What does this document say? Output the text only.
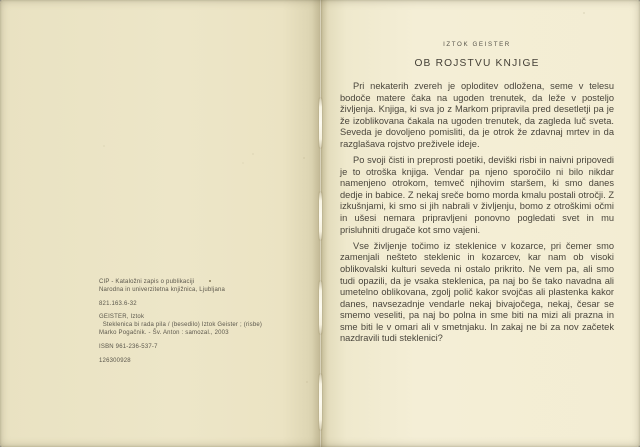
CIP - Kataložni zapis o publikaciji
Narodna in univerzitetna knjižnica, Ljubljana
821.163.6-32
GEISTER, Iztok
Steklenica bi rada pila / (besedilo) Iztok Geister ; (risbe)
Marko Pogačnik. - Šv. Anton : samozal., 2003
ISBN 961-236-537-7
126300928
IZTOK GEISTER
OB ROJSTVU KNJIGE

Pri nekaterih zvereh je oploditev odložena, seme v telesu bodoče matere čaka na ugoden trenutek, da leže v posteljo življenja. Knjiga, ki sva jo z Markom pripravila pred desetletji pa je že izoblikovana čakala na ugoden trenutek, da zagleda luč sveta. Seveda je dovoljeno pomisliti, da je otrok že zdavnaj mrtev in da razglašava rojstvo preživele ideje.

Po svoji čisti in preprosti poetiki, deviški risbi in naivni pripovedi je to otroška knjiga. Vendar pa njeno sporočilo ni bilo nikdar namenjeno otrokom, temveč njihovim staršem, ki smo danes dedje in babice. Z nekaj sreče bomo morda kmalu postali otročji. Z izkušnjami, ki smo si jih nabrali v življenju, bomo z otroškimi očmi in ušesi nemara pripravljeni ponovno pogledati svet in mu prisluhniti drugače kot smo vajeni.

Vse življenje točimo iz steklenice v kozarce, pri čemer smo zamenjali nešteto steklenic in kozarcev, kar nam ob visoki oblikovalski kulturi seveda ni ostalo prikrito. Ne vem pa, ali smo tudi opazili, da je vsaka steklenica, pa naj bo še tako navadna ali umetelno oblikovana, zgolj polič kakor svojčas ali plastenka kakor danes, navsezadnje vendarle nekaj bivajočega, nekaj, česar se smemo veseliti, pa naj bo polna in sme biti na mizi ali prazna in sme biti le v omari ali v smetnjaku. In zakaj ne bi za nov začetek nazdravili tudi steklenici?
